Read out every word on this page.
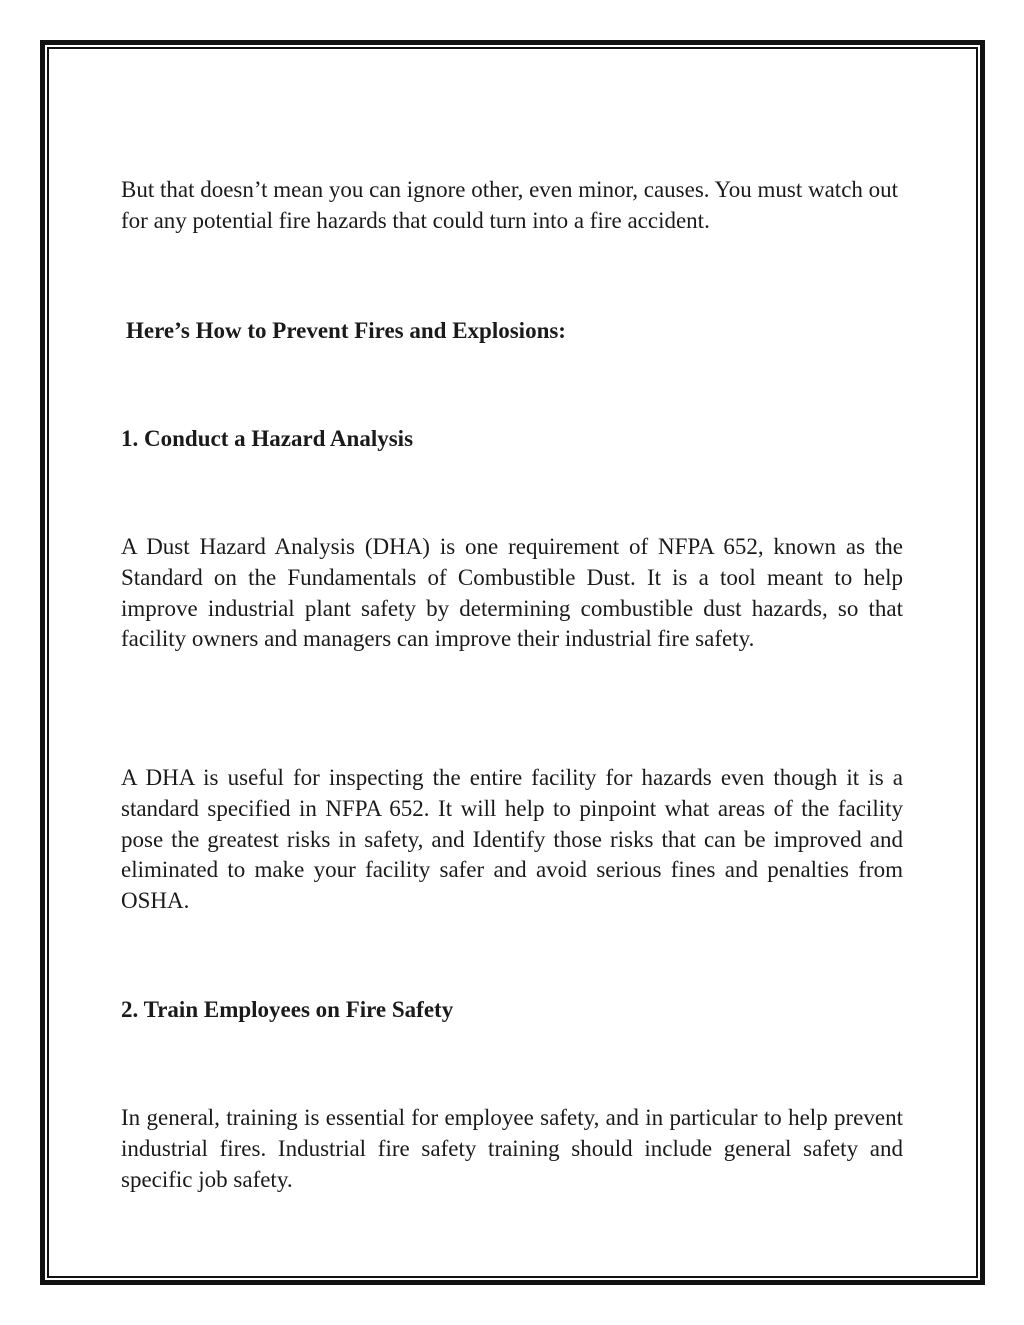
But that doesn’t mean you can ignore other, even minor, causes. You must watch out for any potential fire hazards that could turn into a fire accident.

Here’s How to Prevent Fires and Explosions:
1. Conduct a Hazard Analysis

A Dust Hazard Analysis (DHA) is one requirement of NFPA 652, known as the Standard on the Fundamentals of Combustible Dust. It is a tool meant to help improve industrial plant safety by determining combustible dust hazards, so that facility owners and managers can improve their industrial fire safety.

A DHA is useful for inspecting the entire facility for hazards even though it is a standard specified in NFPA 652. It will help to pinpoint what areas of the facility pose the greatest risks in safety, and Identify those risks that can be improved and eliminated to make your facility safer and avoid serious fines and penalties from OSHA.

2. Train Employees on Fire Safety

In general, training is essential for employee safety, and in particular to help prevent industrial fires. Industrial fire safety training should include general safety and specific job safety.
